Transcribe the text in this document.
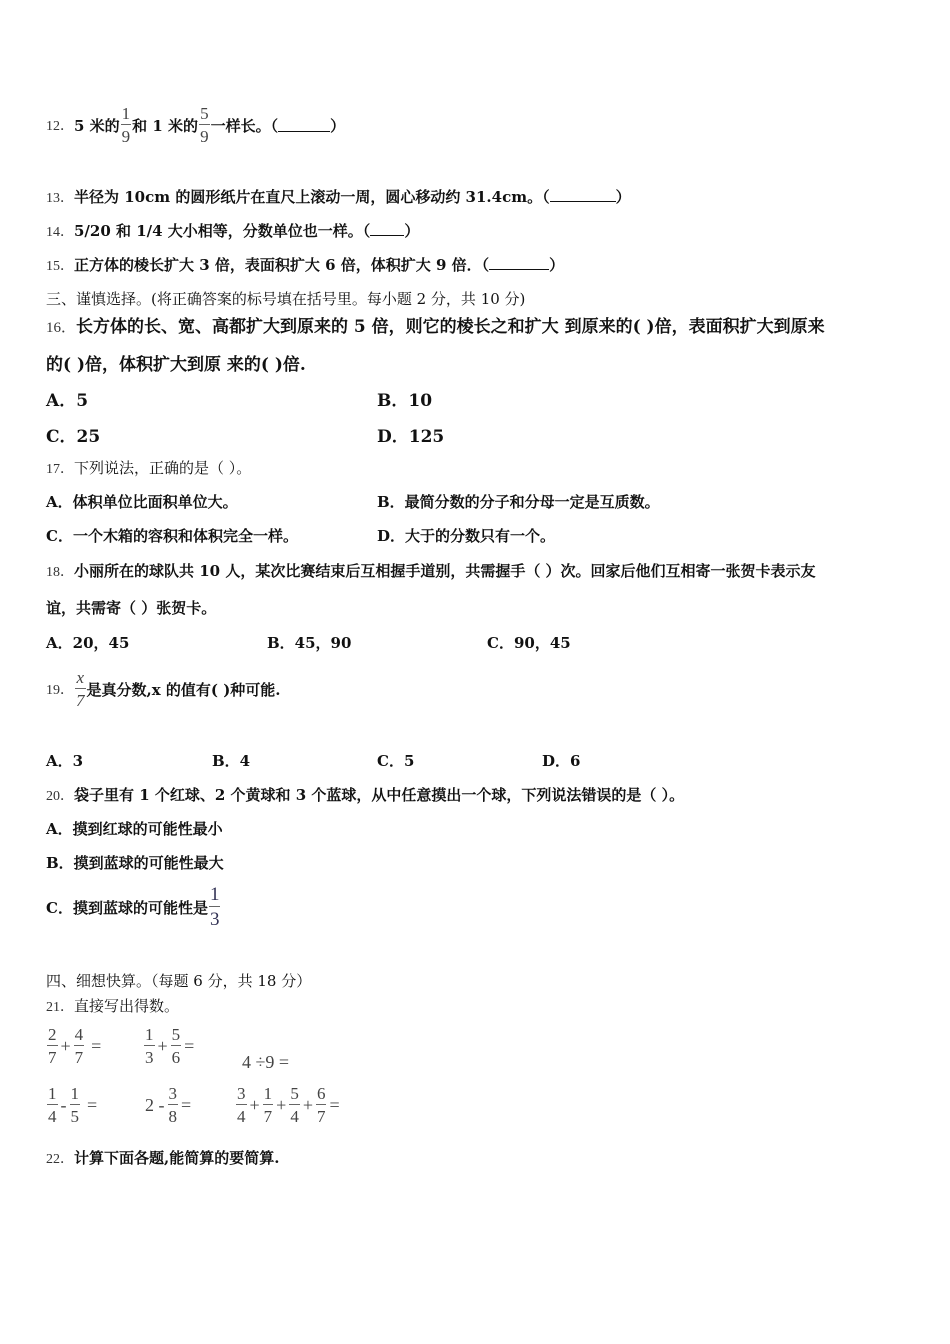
12． 5 米的 $\frac{1}{9}$ 和 1 米的 $\frac{5}{9}$ 一样长。（	）
13．半径为 10cm 的圆形纸片在直尺上滚动一周，圆心移动约 31.4cm。（	）
14．5/20 和 1/4 大小相等，分数单位也一样。（ ）
15．正方体的棱长扩大 3 倍，表面积扩大 6 倍，体积扩大 9 倍．（	）
三、谨慎选择。(将正确答案的标号填在括号里。每小题 2 分，共 10 分)
16．长方体的长、宽、高都扩大到原来的 5 倍，则它的棱长之和扩大 到原来的( )倍，表面积扩大到原来
的( )倍，体积扩大到原 来的( )倍.
A．5	B．10
C．25	D．125
17．下列说法，正确的是（ ）。
A．体积单位比面积单位大。	B．最简分数的分子和分母一定是互质数。
C．一个木箱的容积和体积完全一样。	D．大于的分数只有一个。
18．小丽所在的球队共 10 人，某次比赛结束后互相握手道别，共需握手（ ）次。回家后他们互相寄一张贺卡表示友
谊，共需寄（ ）张贺卡。
A．20，45	B．45，90	C．90，45
19． $\frac{x}{7}$ 是真分数,x 的值有( )种可能.
A．3	B．4	C．5	D．6
20．袋子里有 1 个红球、2 个黄球和 3 个蓝球，从中任意摸出一个球，下列说法错误的是（ ）。
A．摸到红球的可能性最小
B．摸到蓝球的可能性最大
C．摸到蓝球的可能性是 $\frac{1}{3}$
四、细想快算。（每题 6 分，共 18 分）
21．直接写出得数。
$\frac{2}{7} + \frac{4}{7}$ =	$\frac{1}{3} + \frac{5}{6}$ =
4 ÷9 =
$\frac{1}{4} - \frac{1}{5}$ =	$2 - \frac{3}{8}$ =	$\frac{3}{4} + \frac{1}{7} + \frac{5}{4} + \frac{6}{7}$ =
22．计算下面各题,能简算的要简算.
